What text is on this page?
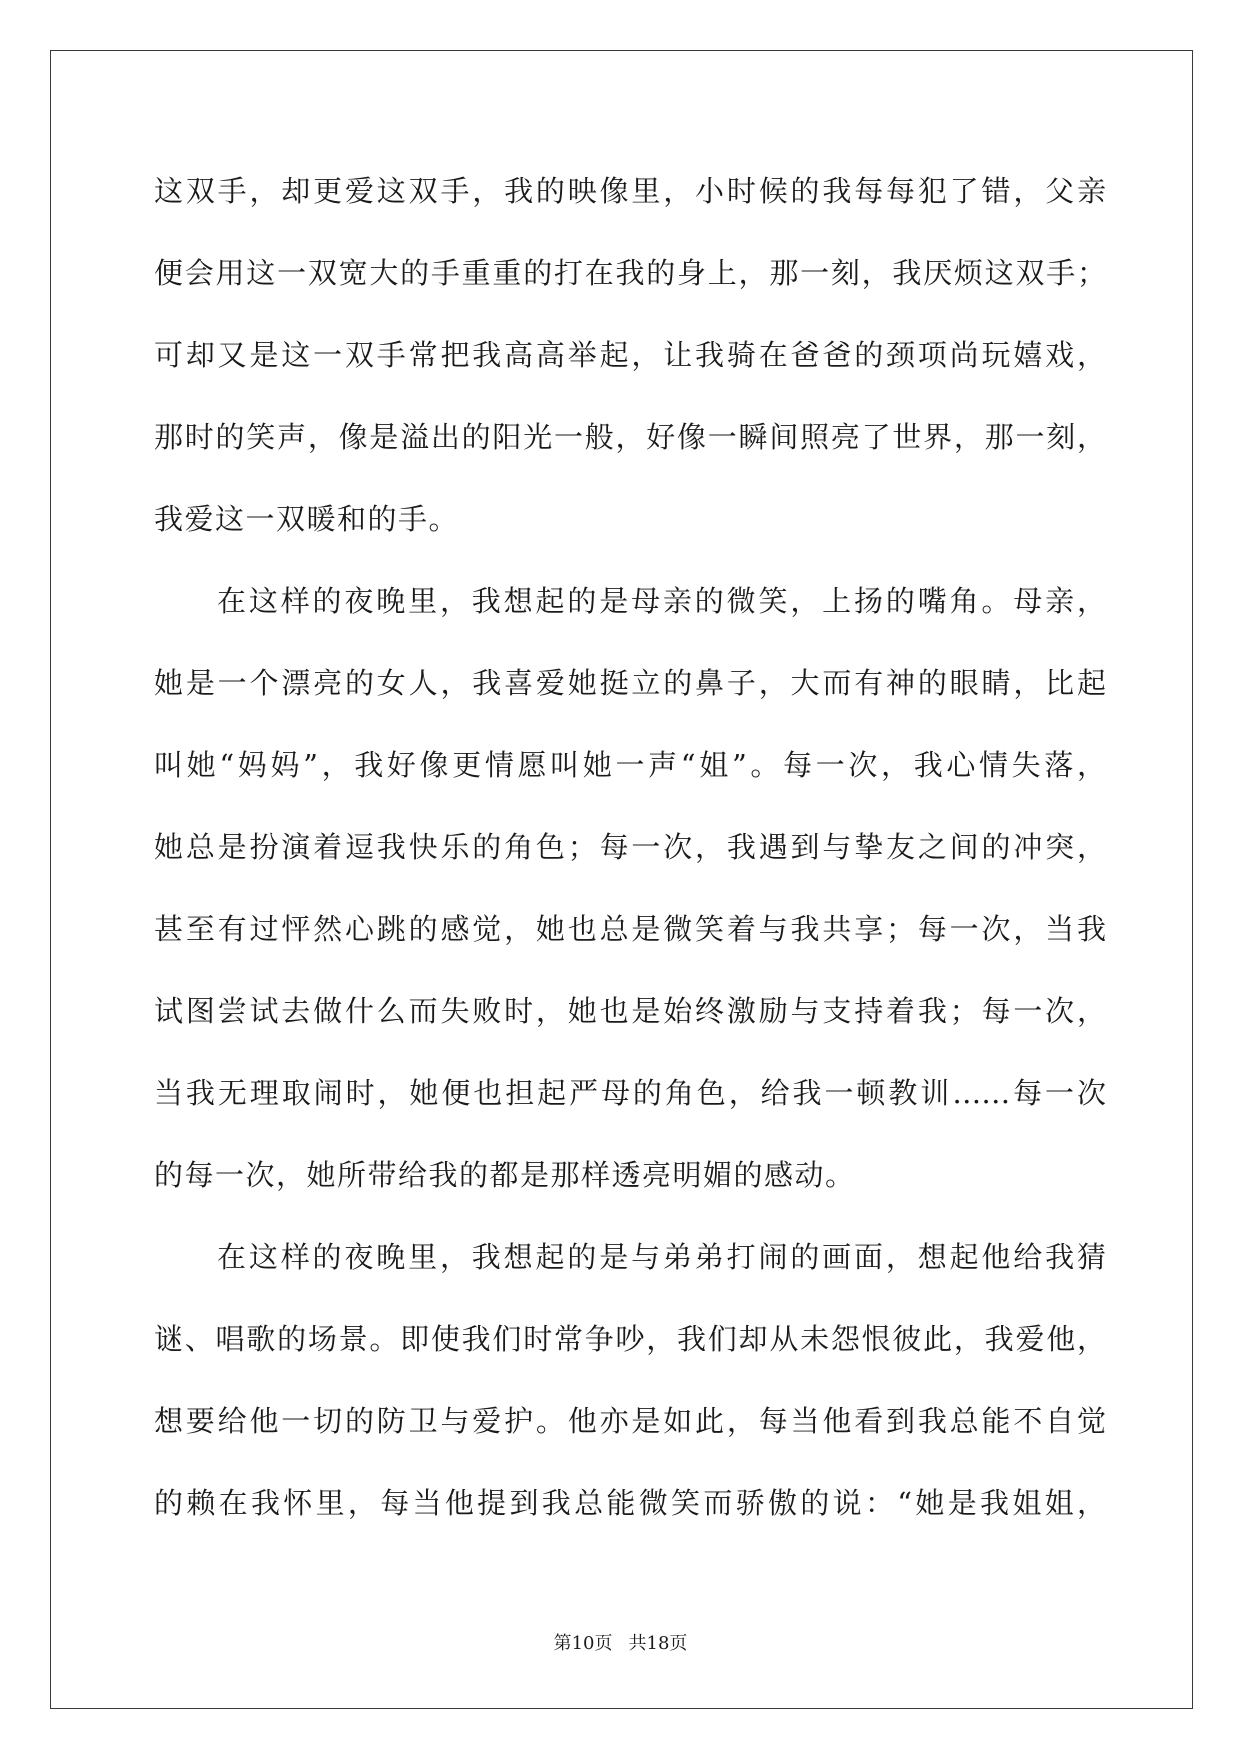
这双手，却更爱这双手，我的映像里，小时候的我每每犯了错，父亲
便会用这一双宽大的手重重的打在我的身上，那一刻，我厌烦这双手；
可却又是这一双手常把我高高举起，让我骑在爸爸的颈项尚玩嬉戏，
那时的笑声，像是溢出的阳光一般，好像一瞬间照亮了世界，那一刻，
我爱这一双暖和的手。
在这样的夜晚里，我想起的是母亲的微笑，上扬的嘴角。母亲，
她是一个漂亮的女人，我喜爱她挺立的鼻子，大而有神的眼睛，比起
叫她“妈妈”，我好像更情愿叫她一声“姐”。每一次，我心情失落，
她总是扮演着逗我快乐的角色；每一次，我遇到与挚友之间的冲突，
甚至有过怦然心跳的感觉，她也总是微笑着与我共享；每一次，当我
试图尝试去做什么而失败时，她也是始终激励与支持着我；每一次，
当我无理取闹时，她便也担起严母的角色，给我一顿教训……每一次
的每一次，她所带给我的都是那样透亮明媚的感动。
在这样的夜晚里，我想起的是与弟弟打闹的画面，想起他给我猜
谜、唱歌的场景。即使我们时常争吵，我们却从未怨恨彼此，我爱他，
想要给他一切的防卫与爱护。他亦是如此，每当他看到我总能不自觉
的赖在我怀里，每当他提到我总能微笑而骄傲的说：“她是我姐姐，
第10页 共18页
